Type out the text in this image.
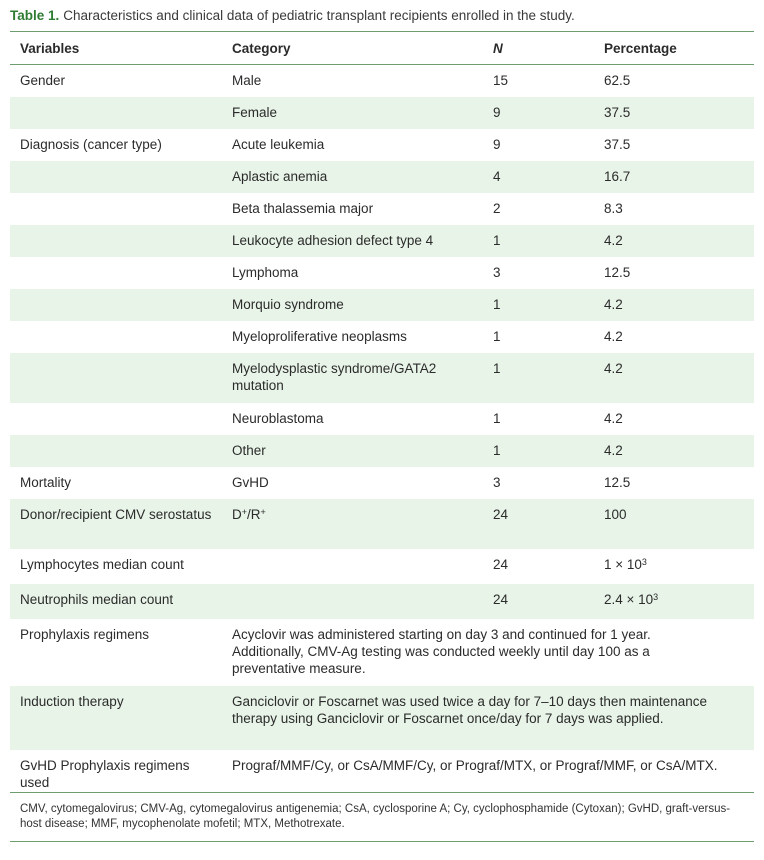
Table 1. Characteristics and clinical data of pediatric transplant recipients enrolled in the study.
Variables	Category	N	Percentage
Gender	Male	15	62.5
	Female	9	37.5
Diagnosis (cancer type)	Acute leukemia	9	37.5
	Aplastic anemia	4	16.7
	Beta thalassemia major	2	8.3
	Leukocyte adhesion defect type 4	1	4.2
	Lymphoma	3	12.5
	Morquio syndrome	1	4.2
	Myeloproliferative neoplasms	1	4.2
	Myelodysplastic syndrome/GATA2 mutation	1	4.2
	Neuroblastoma	1	4.2
	Other	1	4.2
Mortality	GvHD	3	12.5
Donor/recipient CMV serostatus	D+/R+	24	100
Lymphocytes median count		24	$1 \times 10^3$
Neutrophils median count		24	$2.4 \times 10^3$
Prophylaxis regimens	Acyclovir was administered starting on day 3 and continued for 1 year. Additionally, CMV-Ag testing was conducted weekly until day 100 as a preventative measure.		
Induction therapy	Ganciclovir or Foscarnet was used twice a day for 7–10 days then maintenance therapy using Ganciclovir or Foscarnet once/day for 7 days was applied.		
GvHD Prophylaxis regimens used	Prograf/MMF/Cy, or CsA/MMF/Cy, or Prograf/MTX, or Prograf/MMF, or CsA/MTX.		
CMV, cytomegalovirus; CMV-Ag, cytomegalovirus antigenemia; CsA, cyclosporine A; Cy, cyclophosphamide (Cytoxan); GvHD, graft-versus-host disease; MMF, mycophenolate mofetil; MTX, Methotrexate.			
